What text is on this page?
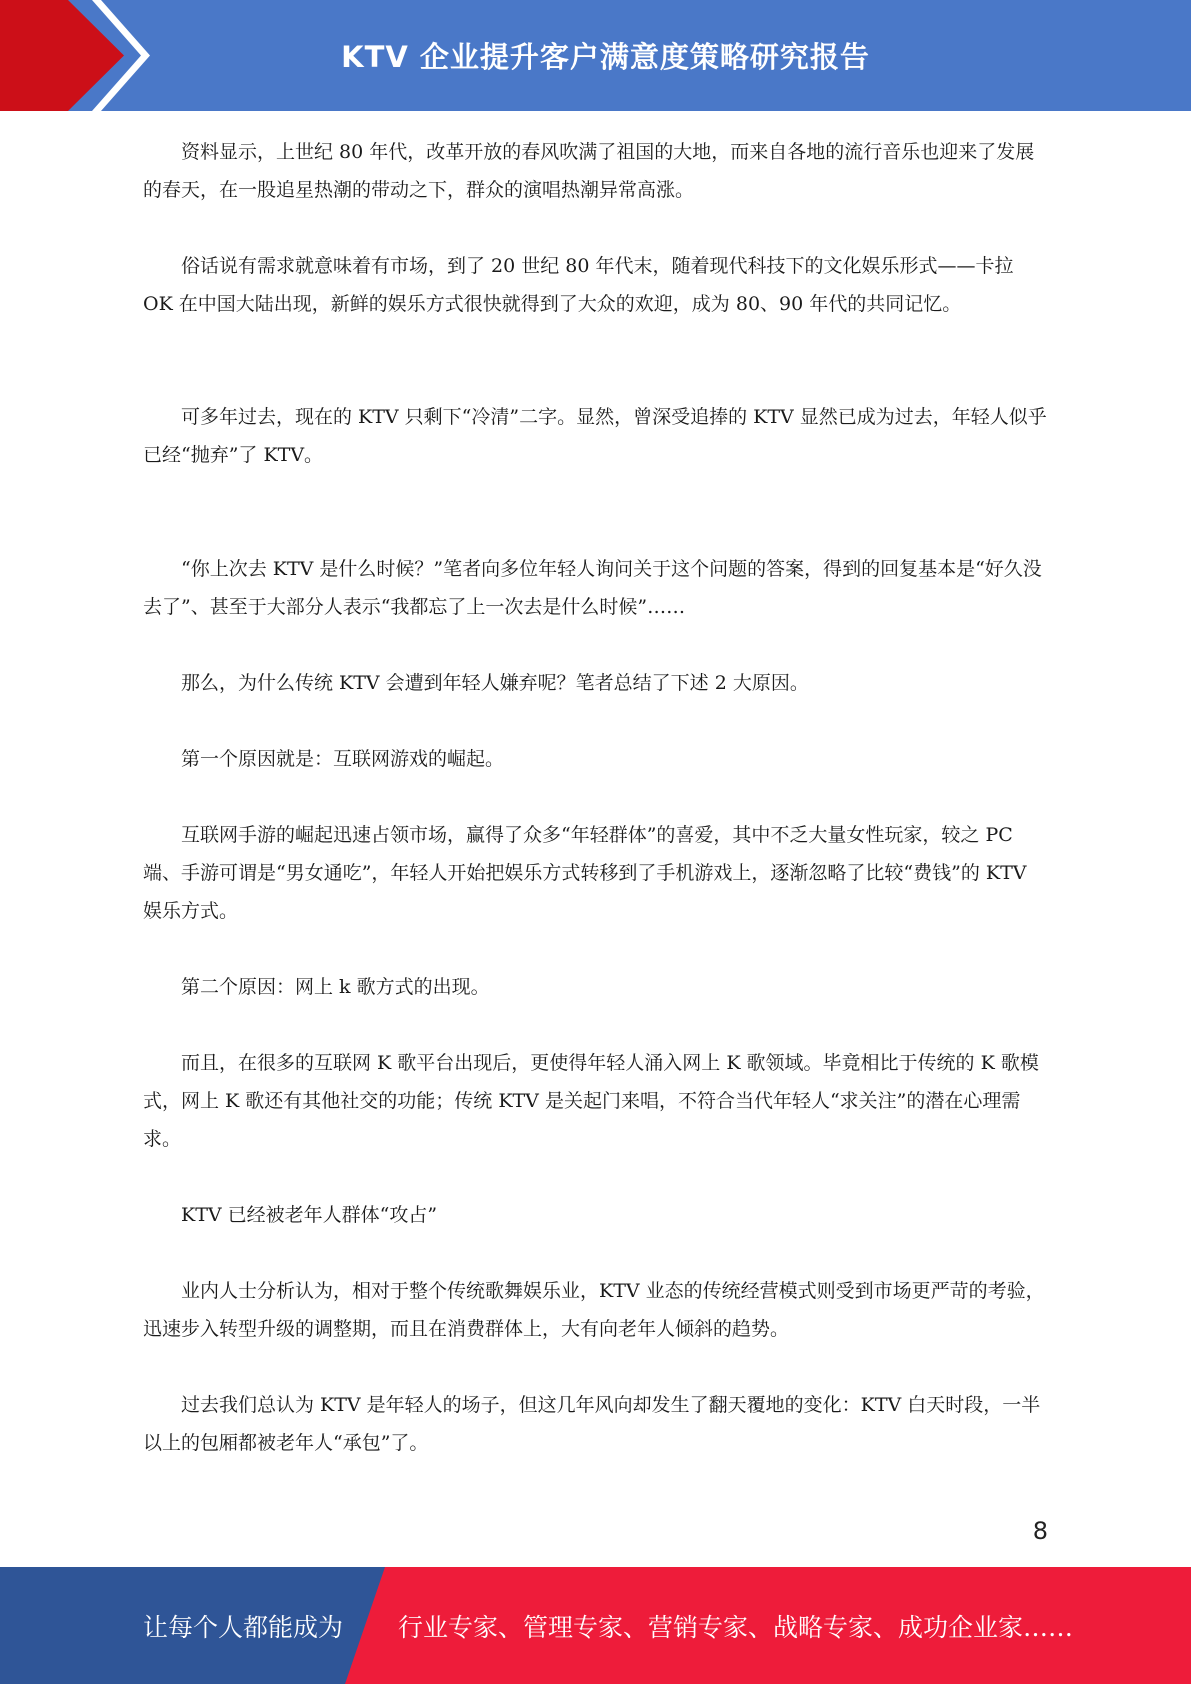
KTV 企业提升客户满意度策略研究报告

资料显示，上世纪 80 年代，改革开放的春风吹满了祖国的大地，而来自各地的流行音乐也迎来了发展的春天，在一股追星热潮的带动之下，群众的演唱热潮异常高涨。

俗话说有需求就意味着有市场，到了 20 世纪 80 年代末，随着现代科技下的文化娱乐形式——卡拉 OK 在中国大陆出现，新鲜的娱乐方式很快就得到了大众的欢迎，成为 80、90 年代的共同记忆。

可多年过去，现在的 KTV 只剩下“冷清”二字。显然，曾深受追捧的 KTV 显然已成为过去，年轻人似乎已经“抛弃”了 KTV。

“你上次去 KTV 是什么时候？”笔者向多位年轻人询问关于这个问题的答案，得到的回复基本是“好久没去了”、甚至于大部分人表示“我都忘了上一次去是什么时候”……

那么，为什么传统 KTV 会遭到年轻人嫌弃呢？笔者总结了下述 2 大原因。

第一个原因就是：互联网游戏的崛起。

互联网手游的崛起迅速占领市场，赢得了众多“年轻群体”的喜爱，其中不乏大量女性玩家，较之 PC 端、手游可谓是“男女通吃”，年轻人开始把娱乐方式转移到了手机游戏上，逐渐忽略了比较“费钱”的 KTV 娱乐方式。

第二个原因：网上 k 歌方式的出现。

而且，在很多的互联网 K 歌平台出现后，更使得年轻人涌入网上 K 歌领域。毕竟相比于传统的 K 歌模式，网上 K 歌还有其他社交的功能；传统 KTV 是关起门来唱，不符合当代年轻人“求关注”的潜在心理需求。

KTV 已经被老年人群体“攻占”

业内人士分析认为，相对于整个传统歌舞娱乐业，KTV 业态的传统经营模式则受到市场更严苛的考验，迅速步入转型升级的调整期，而且在消费群体上，大有向老年人倾斜的趋势。

过去我们总认为 KTV 是年轻人的场子，但这几年风向却发生了翻天覆地的变化：KTV 白天时段，一半以上的包厢都被老年人“承包”了。

8
让每个人都能成为 行业专家、管理专家、营销专家、战略专家、成功企业家……
